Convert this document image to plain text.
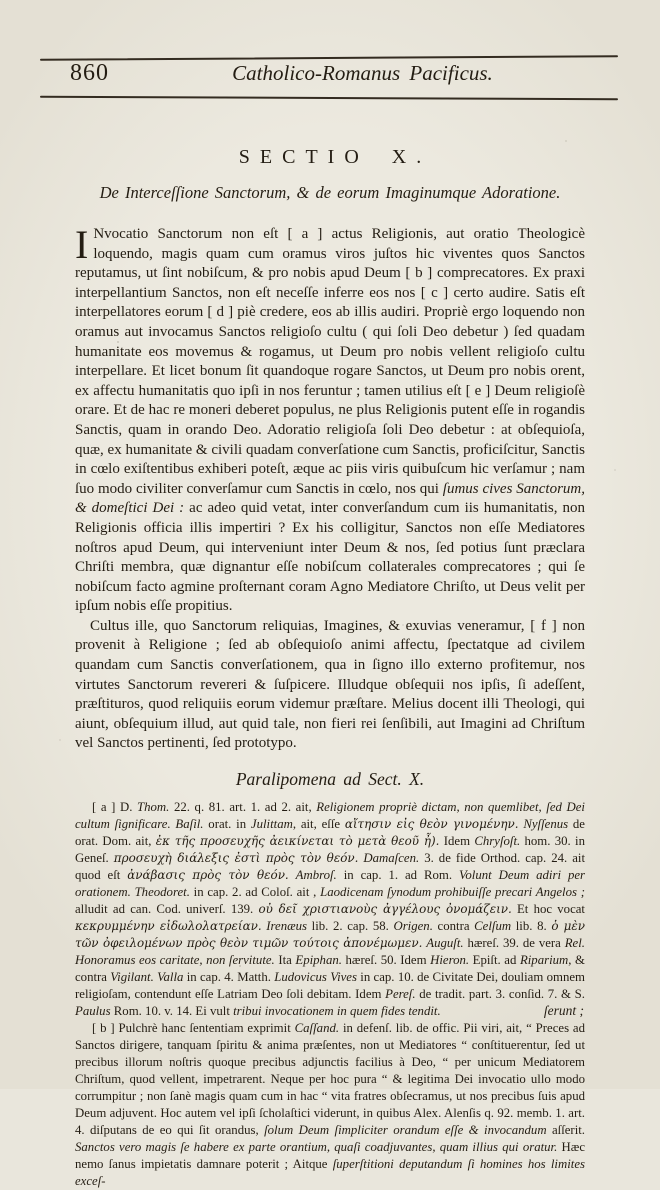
860	Catholico-Romanus Pacificus.
SECTIO X.
De Interceſſione Sanctorum, & de eorum Imaginumque Adoratione.

I Nvocatio Sanctorum non eſt [ a ] actus Religionis, aut oratio Theologicè loquendo, magis quam cum oramus viros juſtos hic viventes quos Sanctos reputamus, ut ſint nobiſcum, & pro nobis apud Deum [ b ] comprecatores. Ex praxi interpellantium Sanctos, non eſt neceſſe inferre eos nos [ c ] certo audire. Satis eſt interpellatores eorum [ d ] piè credere, eos ab illis audiri. Propriè ergo loquendo non oramus aut invocamus Sanctos religioſo cultu ( qui ſoli Deo debetur ) ſed quadam humanitate eos movemus & rogamus, ut Deum pro nobis vellent religioſo cultu interpellare. Et licet bonum ſit quandoque rogare Sanctos, ut Deum pro nobis orent, ex affectu humanitatis quo ipſi in nos feruntur ; tamen utilius eſt [ e ] Deum religioſè orare. Et de hac re moneri deberet populus, ne plus Religionis putent eſſe in rogandis Sanctis, quam in orando Deo. Adoratio religioſa ſoli Deo debetur : at obſequioſa, quæ, ex humanitate & civili quadam converſatione cum Sanctis, proficiſcitur, Sanctis in cœlo exiſtentibus exhiberi poteſt, æque ac piis viris quibuſcum hic verſamur ; nam ſuo modo civiliter converſamur cum Sanctis in cœlo, nos qui ſumus cives Sanctorum, & domeſtici Dei : ac adeo quid vetat, inter converſandum cum iis humanitatis, non Religionis officia illis impertiri ? Ex his colligitur, Sanctos non eſſe Mediatores noſtros apud Deum, qui interveniunt inter Deum & nos, ſed potius ſunt præclara Chriſti membra, quæ dignantur eſſe nobiſcum collaterales comprecatores ; qui ſe nobiſcum facto agmine proſternant coram Agno Mediatore Chriſto, ut Deus velit per ipſum nobis eſſe propitius.

Cultus ille, quo Sanctorum reliquias, Imagines, & exuvias veneramur, [ f ] non provenit à Religione ; ſed ab obſequioſo animi affectu, ſpectatque ad civilem quandam cum Sanctis converſationem, qua in ſigno illo externo profitemur, nos virtutes Sanctorum revereri & ſuſpicere. Illudque obſequii nos ipſis, ſi adeſſent, præſtituros, quod reliquiis eorum videmur præſtare. Melius docent illi Theologi, qui aiunt, obſequium illud, aut quid tale, non fieri rei ſenſibili, aut Imagini ad Chriſtum vel Sanctos pertinenti, ſed prototypo.

Paralipomena ad Sect. X.

[ a ] D. Thom. 22. q. 81. art. 1. ad 2. ait, Religionem propriè dictam, non quemlibet, ſed Dei cultum ſignificare. Baſil. orat. in Julittam, ait, eſſe αἴτησιν εἰς θεὸν γινομένην. Nyſſenus de orat. Dom. ait, ἐκ τῆς προσευχῆς ἀεικίνεται τὸ μετὰ θεοῦ ἦ). Idem Chryſoſt. hom. 30. in Geneſ. προσευχὴ διάλεξις ἐστὶ πρὸς τὸν θεόν. Damaſcen. 3. de fide Orthod. cap. 24. ait quod eſt ἀνάβασις πρὸς τὸν θεόν. Ambroſ. in cap. 1. ad Rom. Volunt Deum adiri per orationem. Theodoret. in cap. 2. ad Coloſ. ait , Laodicenam ſynodum prohibuiſſe precari Angelos ; alludit ad can. Cod. univerſ. 139. οὐ δεῖ χριστιανοὺς ἀγγέλους ὀνομάζειν. Et hoc vocat κεκρυμμένην εἰδωλολατρείαν. Irenæus lib. 2. cap. 58. Origen. contra Celſum lib. 8. ὁ μὲν τῶν ὀφειλομένων πρὸς θεὸν τιμῶν τούτοις ἀπονέμωμεν. Auguſt. hæreſ. 39. de vera Rel. Honoramus eos caritate, non ſervitute. Ita Epiphan. hæreſ. 50. Idem Hieron. Epiſt. ad Riparium, & contra Vigilant. Valla in cap. 4. Matth. Ludovicus Vives in cap. 10. de Civitate Dei, douliam omnem religioſam, contendunt eſſe Latriam Deo ſoli debitam. Idem Pereſ. de tradit. part. 3. conſid. 7. & S. Paulus Rom. 10. v. 14. Ei vult tribui invocationem in quem fides tendit.

[ b ] Pulchrè hanc ſententiam exprimit Caſſand. in defenſ. lib. de offic. Pii viri, ait, “ Preces ad Sanctos dirigere, tanquam ſpiritu & anima præſentes, non ut Mediatores “ conſtituerentur, ſed ut precibus illorum noſtris quoque precibus adjunctis facilius à Deo, “ per unicum Mediatorem Chriſtum, quod vellent, impetrarent. Neque per hoc pura “ & legitima Dei invocatio ullo modo corrumpitur ; non ſanè magis quam cum in hac “ vita fratres obſecramus, ut nos precibus ſuis apud Deum adjuvent. Hoc autem vel ipſi ſcholaſtici viderunt, in quibus Alex. Alenſis q. 92. memb. 1. art. 4. diſputans de eo qui ſit orandus, ſolum Deum ſimpliciter orandum eſſe & invocandum aſſerit. Sanctos vero magis ſe habere ex parte orantium, quaſi coadjuvantes, quam illius qui oratur. Hæc nemo ſanus impietatis damnare poterit ; Aitque ſuperſtitioni deputandum ſi homines hos limites exceſ-

ſerunt ;
